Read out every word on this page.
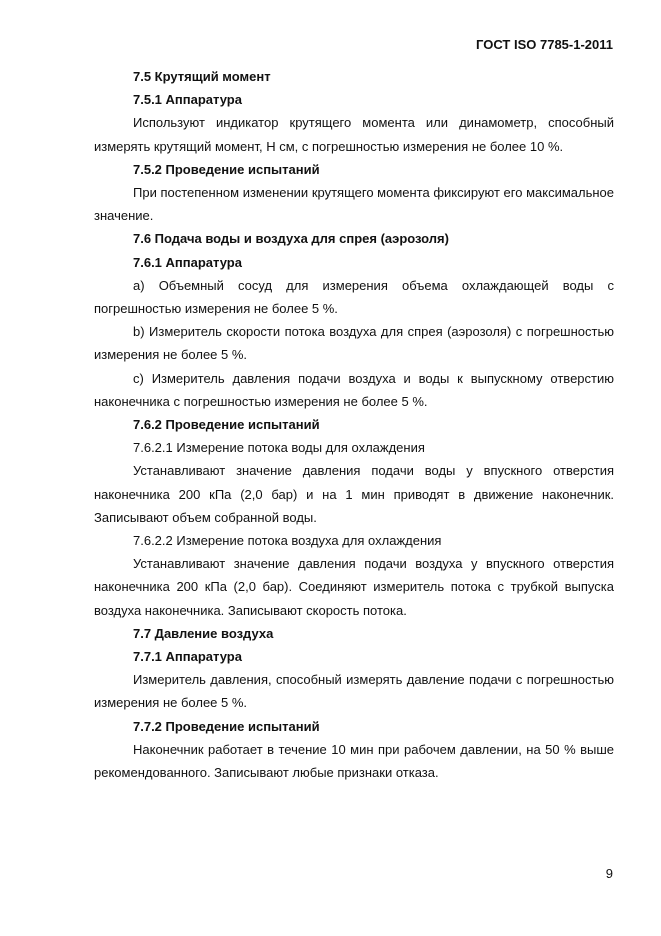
ГОСТ ISO 7785-1-2011

7.5 Крутящий момент

7.5.1 Аппаратура

Используют индикатор крутящего момента или динамометр, способный измерять крутящий момент, Н см, с погрешностью измерения не более 10 %.

7.5.2 Проведение испытаний

При постепенном изменении крутящего момента фиксируют его максимальное значение.

7.6 Подача воды и воздуха для спрея (аэрозоля)

7.6.1 Аппаратура

a) Объемный сосуд для измерения объема охлаждающей воды с погрешностью измерения не более 5 %.

b) Измеритель скорости потока воздуха для спрея (аэрозоля) с погрешностью измерения не более 5 %.

c) Измеритель давления подачи воздуха и воды к выпускному отверстию наконечника с погрешностью измерения не более 5 %.

7.6.2 Проведение испытаний

7.6.2.1 Измерение потока воды для охлаждения

Устанавливают значение давления подачи воды у впускного отверстия наконечника 200 кПа (2,0 бар) и на 1 мин приводят в движение наконечник. Записывают объем собранной воды.

7.6.2.2 Измерение потока воздуха для охлаждения

Устанавливают значение давления подачи воздуха у впускного отверстия наконечника 200 кПа (2,0 бар). Соединяют измеритель потока с трубкой выпуска воздуха наконечника. Записывают скорость потока.

7.7 Давление воздуха

7.7.1 Аппаратура

Измеритель давления, способный измерять давление подачи с погрешностью измерения не более 5 %.

7.7.2 Проведение испытаний

Наконечник работает в течение 10 мин при рабочем давлении, на 50 % выше рекомендованного. Записывают любые признаки отказа.

9
